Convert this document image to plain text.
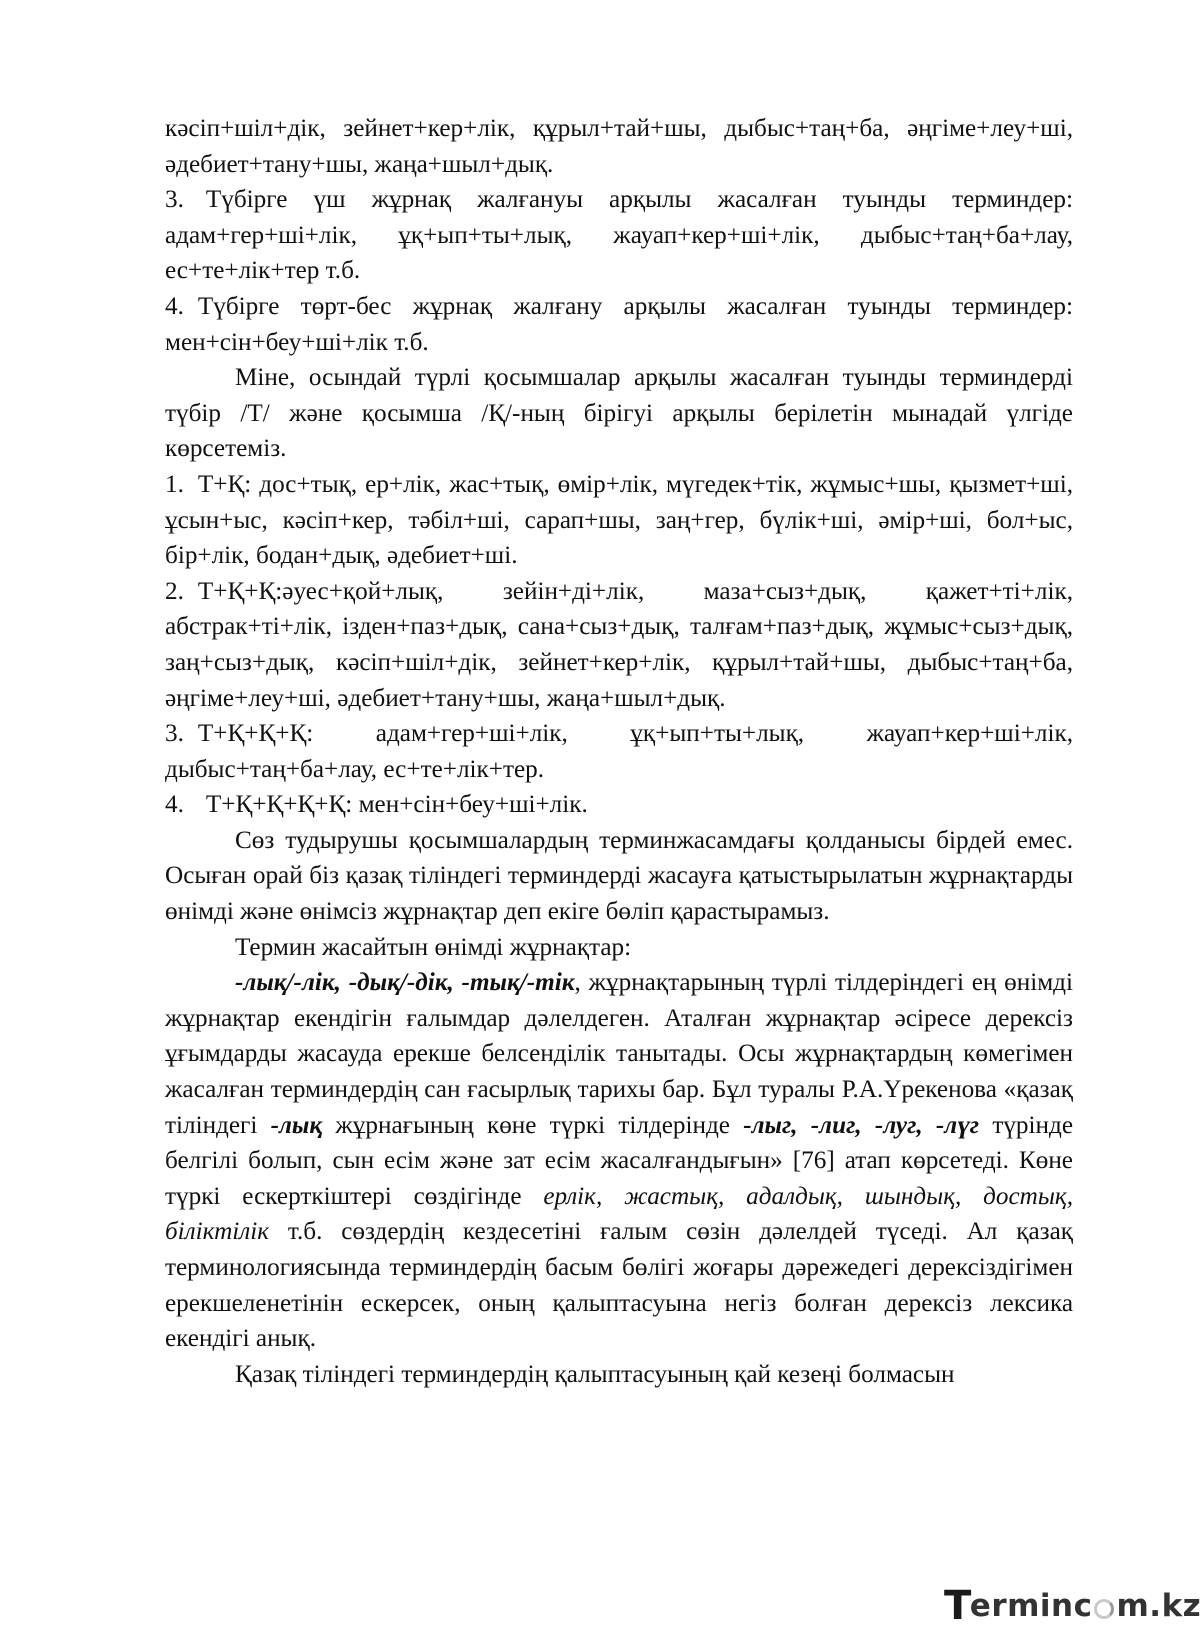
кәсіп+шіл+дік, зейнет+кер+лік, құрыл+тай+шы, дыбыс+таң+ба, әңгіме+леу+ші, әдебиет+тану+шы, жаңа+шыл+дық.

3. Түбірге үш жұрнақ жалғануы арқылы жасалған туынды терминдер: адам+гер+ші+лік, ұқ+ып+ты+лық, жауап+кер+ші+лік, дыбыс+таң+ба+лау, ес+те+лік+тер т.б.

4. Түбірге төрт-бес жұрнақ жалғану арқылы жасалған туынды терминдер: мен+сін+беу+ші+лік т.б.

Міне, осындай түрлі қосымшалар арқылы жасалған туынды терминдерді түбір /Т/ және қосымша /Қ/-ның бірігуі арқылы берілетін мынадай үлгіде көрсетеміз.

1. Т+Қ: дос+тық, ер+лік, жас+тық, өмір+лік, мүгедек+тік, жұмыс+шы, қызмет+ші, ұсын+ыс, кәсіп+кер, тәбіл+ші, сарап+шы, заң+гер, бүлік+ші, әмір+ші, бол+ыс, бір+лік, бодан+дық, әдебиет+ші.

2. Т+Қ+Қ:әуес+қой+лық, зейін+ді+лік, маза+сыз+дық, қажет+ті+лік, абстрак+ті+лік, ізден+паз+дық, сана+сыз+дық, талғам+паз+дық, жұмыс+сыз+дық, заң+сыз+дық, кәсіп+шіл+дік, зейнет+кер+лік, құрыл+тай+шы, дыбыс+таң+ба, әңгіме+леу+ші, әдебиет+тану+шы, жаңа+шыл+дық.

3. Т+Қ+Қ+Қ: адам+гер+ші+лік, ұқ+ып+ты+лық, жауап+кер+ші+лік, дыбыс+таң+ба+лау, ес+те+лік+тер.

4. Т+Қ+Қ+Қ+Қ: мен+сін+беу+ші+лік.

Сөз тудырушы қосымшалардың терминжасамдағы қолданысы бірдей емес. Осыған орай біз қазақ тіліндегі терминдерді жасауға қатыстырылатын жұрнақтарды өнімді және өнімсіз жұрнақтар деп екіге бөліп қарастырамыз.

Термин жасайтын өнімді жұрнақтар:

-лық/-лік, -дық/-дік, -тық/-тік, жұрнақтарының түрлі тілдеріндегі ең өнімді жұрнақтар екендігін ғалымдар дәлелдеген. Аталған жұрнақтар әсіресе дерексіз ұғымдарды жасауда ерекше белсенділік танытады. Осы жұрнақтардың көмегімен жасалған терминдердің сан ғасырлық тарихы бар. Бұл туралы Р.А.Үрекенова «қазақ тіліндегі -лық жұрнағының көне түркі тілдерінде -лыг, -лиг, -луг, -лүг түрінде белгілі болып, сын есім және зат есім жасалғандығын» [76] атап көрсетеді. Көне түркі ескерткіштері сөздігінде ерлік, жастық, адалдық, шындық, достық, біліктілік т.б. сөздердің кездесетіні ғалым сөзін дәлелдей түседі. Ал қазақ терминологиясында терминдердің басым бөлігі жоғары дәрежедегі дерексіздігімен ерекшеленетінін ескерсек, оның қалыптасуына негіз болған дерексіз лексика екендігі анық.

Қазақ тіліндегі терминдердің қалыптасуының қай кезеңі болмасын

T
erminc m.kz
